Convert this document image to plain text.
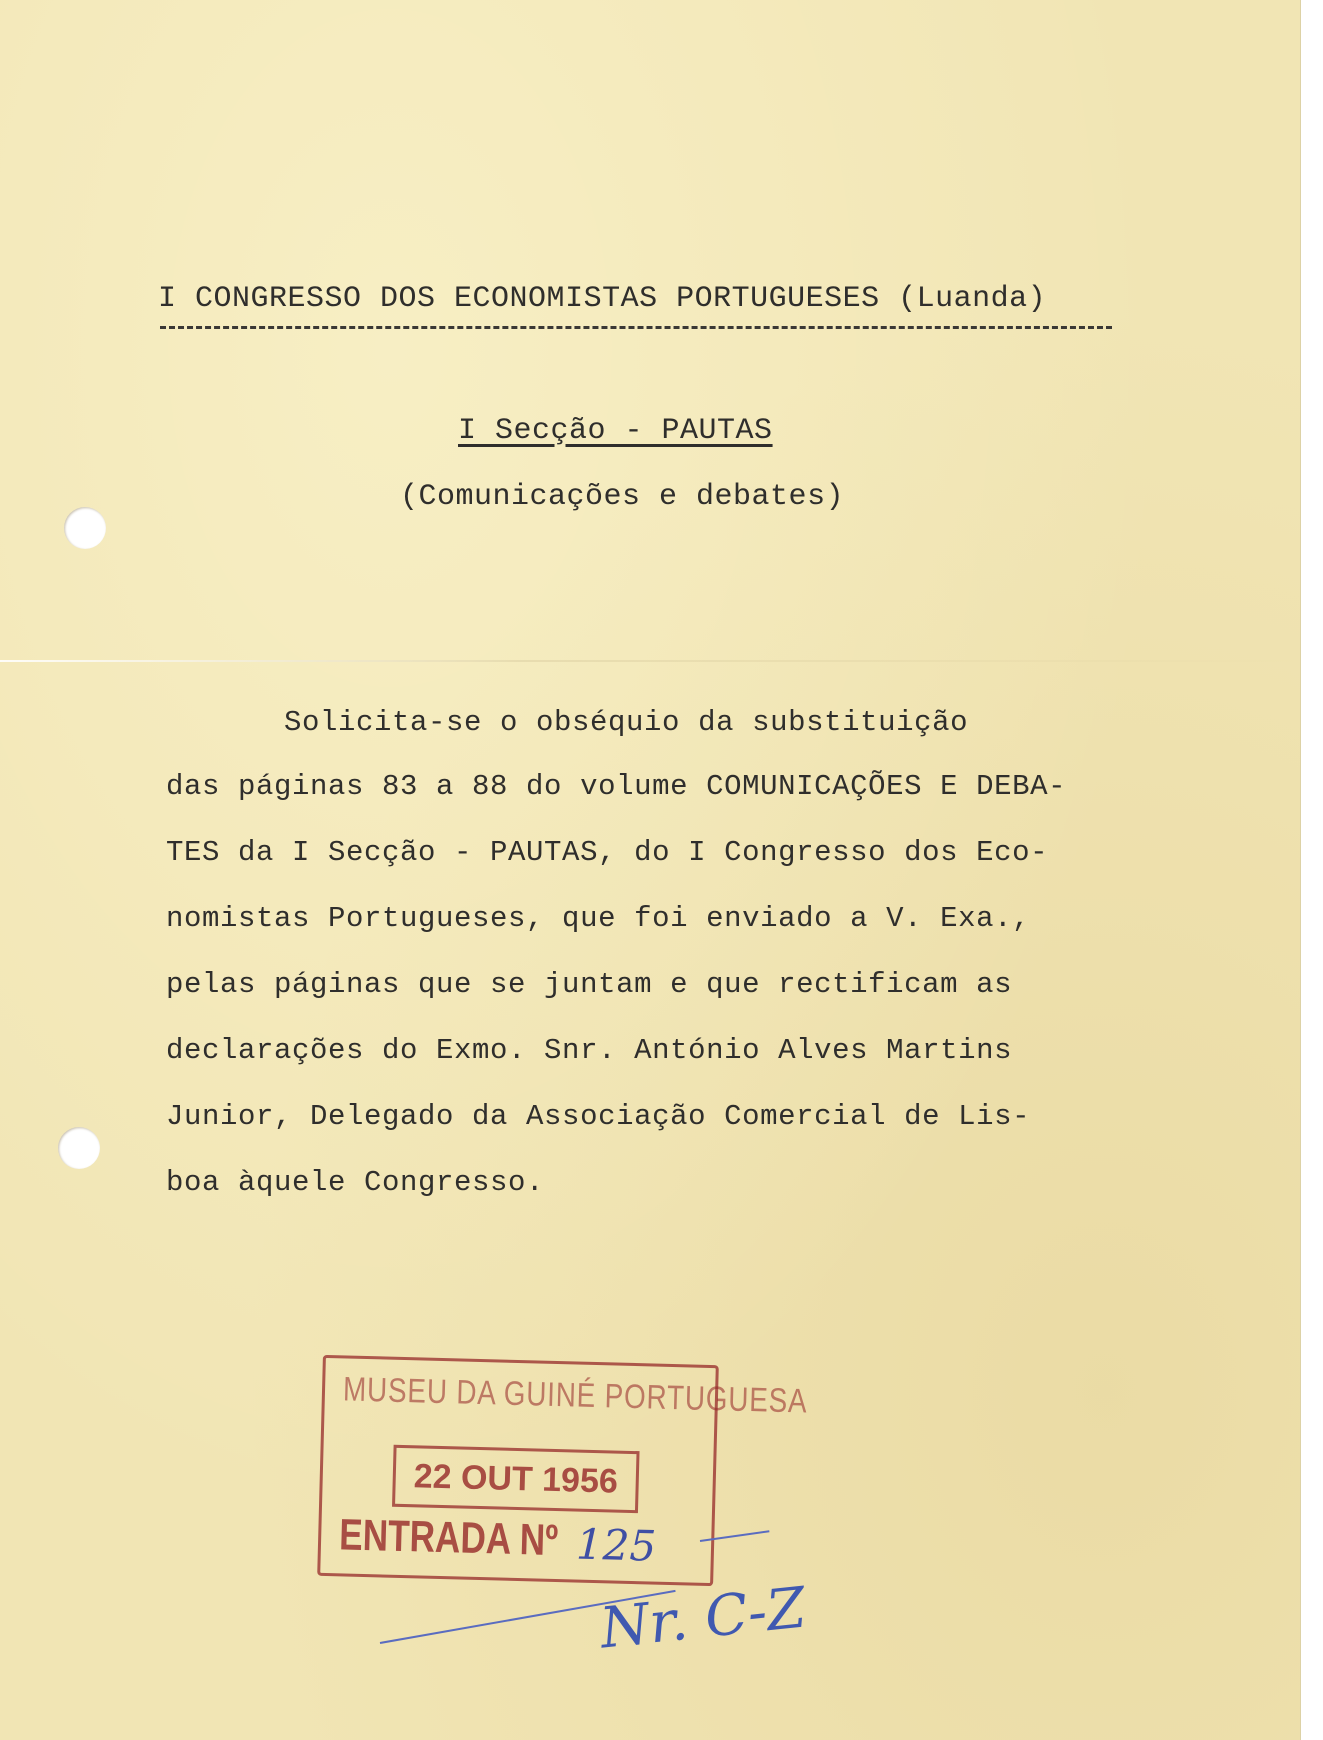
I CONGRESSO DOS ECONOMISTAS PORTUGUESES (Luanda)
I Secção - PAUTAS
(Comunicações e debates)
Solicita-se o obséquio da substituição
das páginas 83 a 88 do volume COMUNICAÇÕES E DEBA-
TES da I Secção - PAUTAS, do I Congresso dos Eco-
nomistas Portugueses, que foi enviado a V. Exa.,
pelas páginas que se juntam e que rectificam as
declarações do Exmo. Snr. António Alves Martins
Junior, Delegado da Associação Comercial de Lis-
boa àquele Congresso.
MUSEU DA GUINÉ PORTUGUESA
22 OUT 1956
ENTRADA Nº 125
Nr. C-Z
